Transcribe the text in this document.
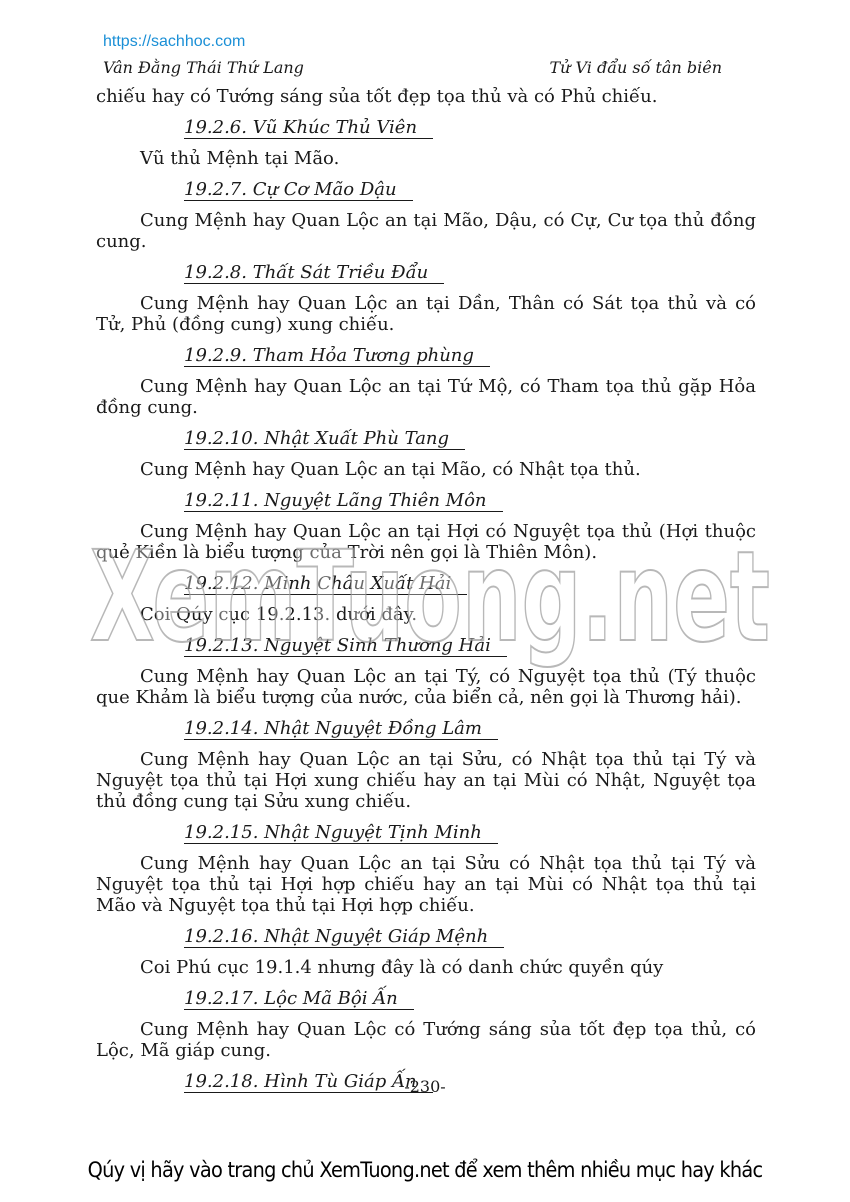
https://sachhoc.com
Vân Đằng Thái Thứ Lang	Tử Vi đẩu số tân biên
chiếu hay có Tướng sáng sủa tốt đẹp tọa thủ và có Phủ chiếu.
19.2.6. Vũ Khúc Thủ Viên
Vũ thủ Mệnh tại Mão.
19.2.7. Cự Cơ Mão Dậu
Cung Mệnh hay Quan Lộc an tại Mão, Dậu, có Cự, Cư tọa thủ đồng cung.
19.2.8. Thất Sát Triều Đẩu
Cung Mệnh hay Quan Lộc an tại Dần, Thân có Sát tọa thủ và có Tử, Phủ (đồng cung) xung chiếu.
19.2.9. Tham Hỏa Tương phùng
Cung Mệnh hay Quan Lộc an tại Tứ Mộ, có Tham tọa thủ gặp Hỏa đồng cung.
19.2.10. Nhật Xuất Phù Tang
Cung Mệnh hay Quan Lộc an tại Mão, có Nhật tọa thủ.
19.2.11. Nguyệt Lãng Thiên Môn
Cung Mệnh hay Quan Lộc an tại Hợi có Nguyệt tọa thủ (Hợi thuộc quẻ Kiền là biểu tượng của Trời nên gọi là Thiên Môn).
19.2.12. Minh Châu Xuất Hải
Coi Qúy cục 19.2.13. dưới đây.
19.2.13. Nguyệt Sinh Thương Hải
Cung Mệnh hay Quan Lộc an tại Tý, có Nguyệt tọa thủ (Tý thuộc que Khảm là biểu tượng của nước, của biển cả, nên gọi là Thương hải).
19.2.14. Nhật Nguyệt Đồng Lâm
Cung Mệnh hay Quan Lộc an tại Sửu, có Nhật tọa thủ tại Tý và Nguyệt tọa thủ tại Hợi xung chiếu hay an tại Mùi có Nhật, Nguyệt tọa thủ đồng cung tại Sửu xung chiếu.
19.2.15. Nhật Nguyệt Tịnh Minh
Cung Mệnh hay Quan Lộc an tại Sửu có Nhật tọa thủ tại Tý và Nguyệt tọa thủ tại Hợi hợp chiếu hay an tại Mùi có Nhật tọa thủ tại Mão và Nguyệt tọa thủ tại Hợi hợp chiếu.
19.2.16. Nhật Nguyệt Giáp Mệnh
Coi Phú cục 19.1.4 nhưng đây là có danh chức quyền qúy
19.2.17. Lộc Mã Bội Ấn
Cung Mệnh hay Quan Lộc có Tướng sáng sủa tốt đẹp tọa thủ, có Lộc, Mã giáp cung.
19.2.18. Hình Tù Giáp Ấn
XemTuong.net
-230-
Qúy vị hãy vào trang chủ XemTuong.net để xem thêm nhiều mục hay khác
